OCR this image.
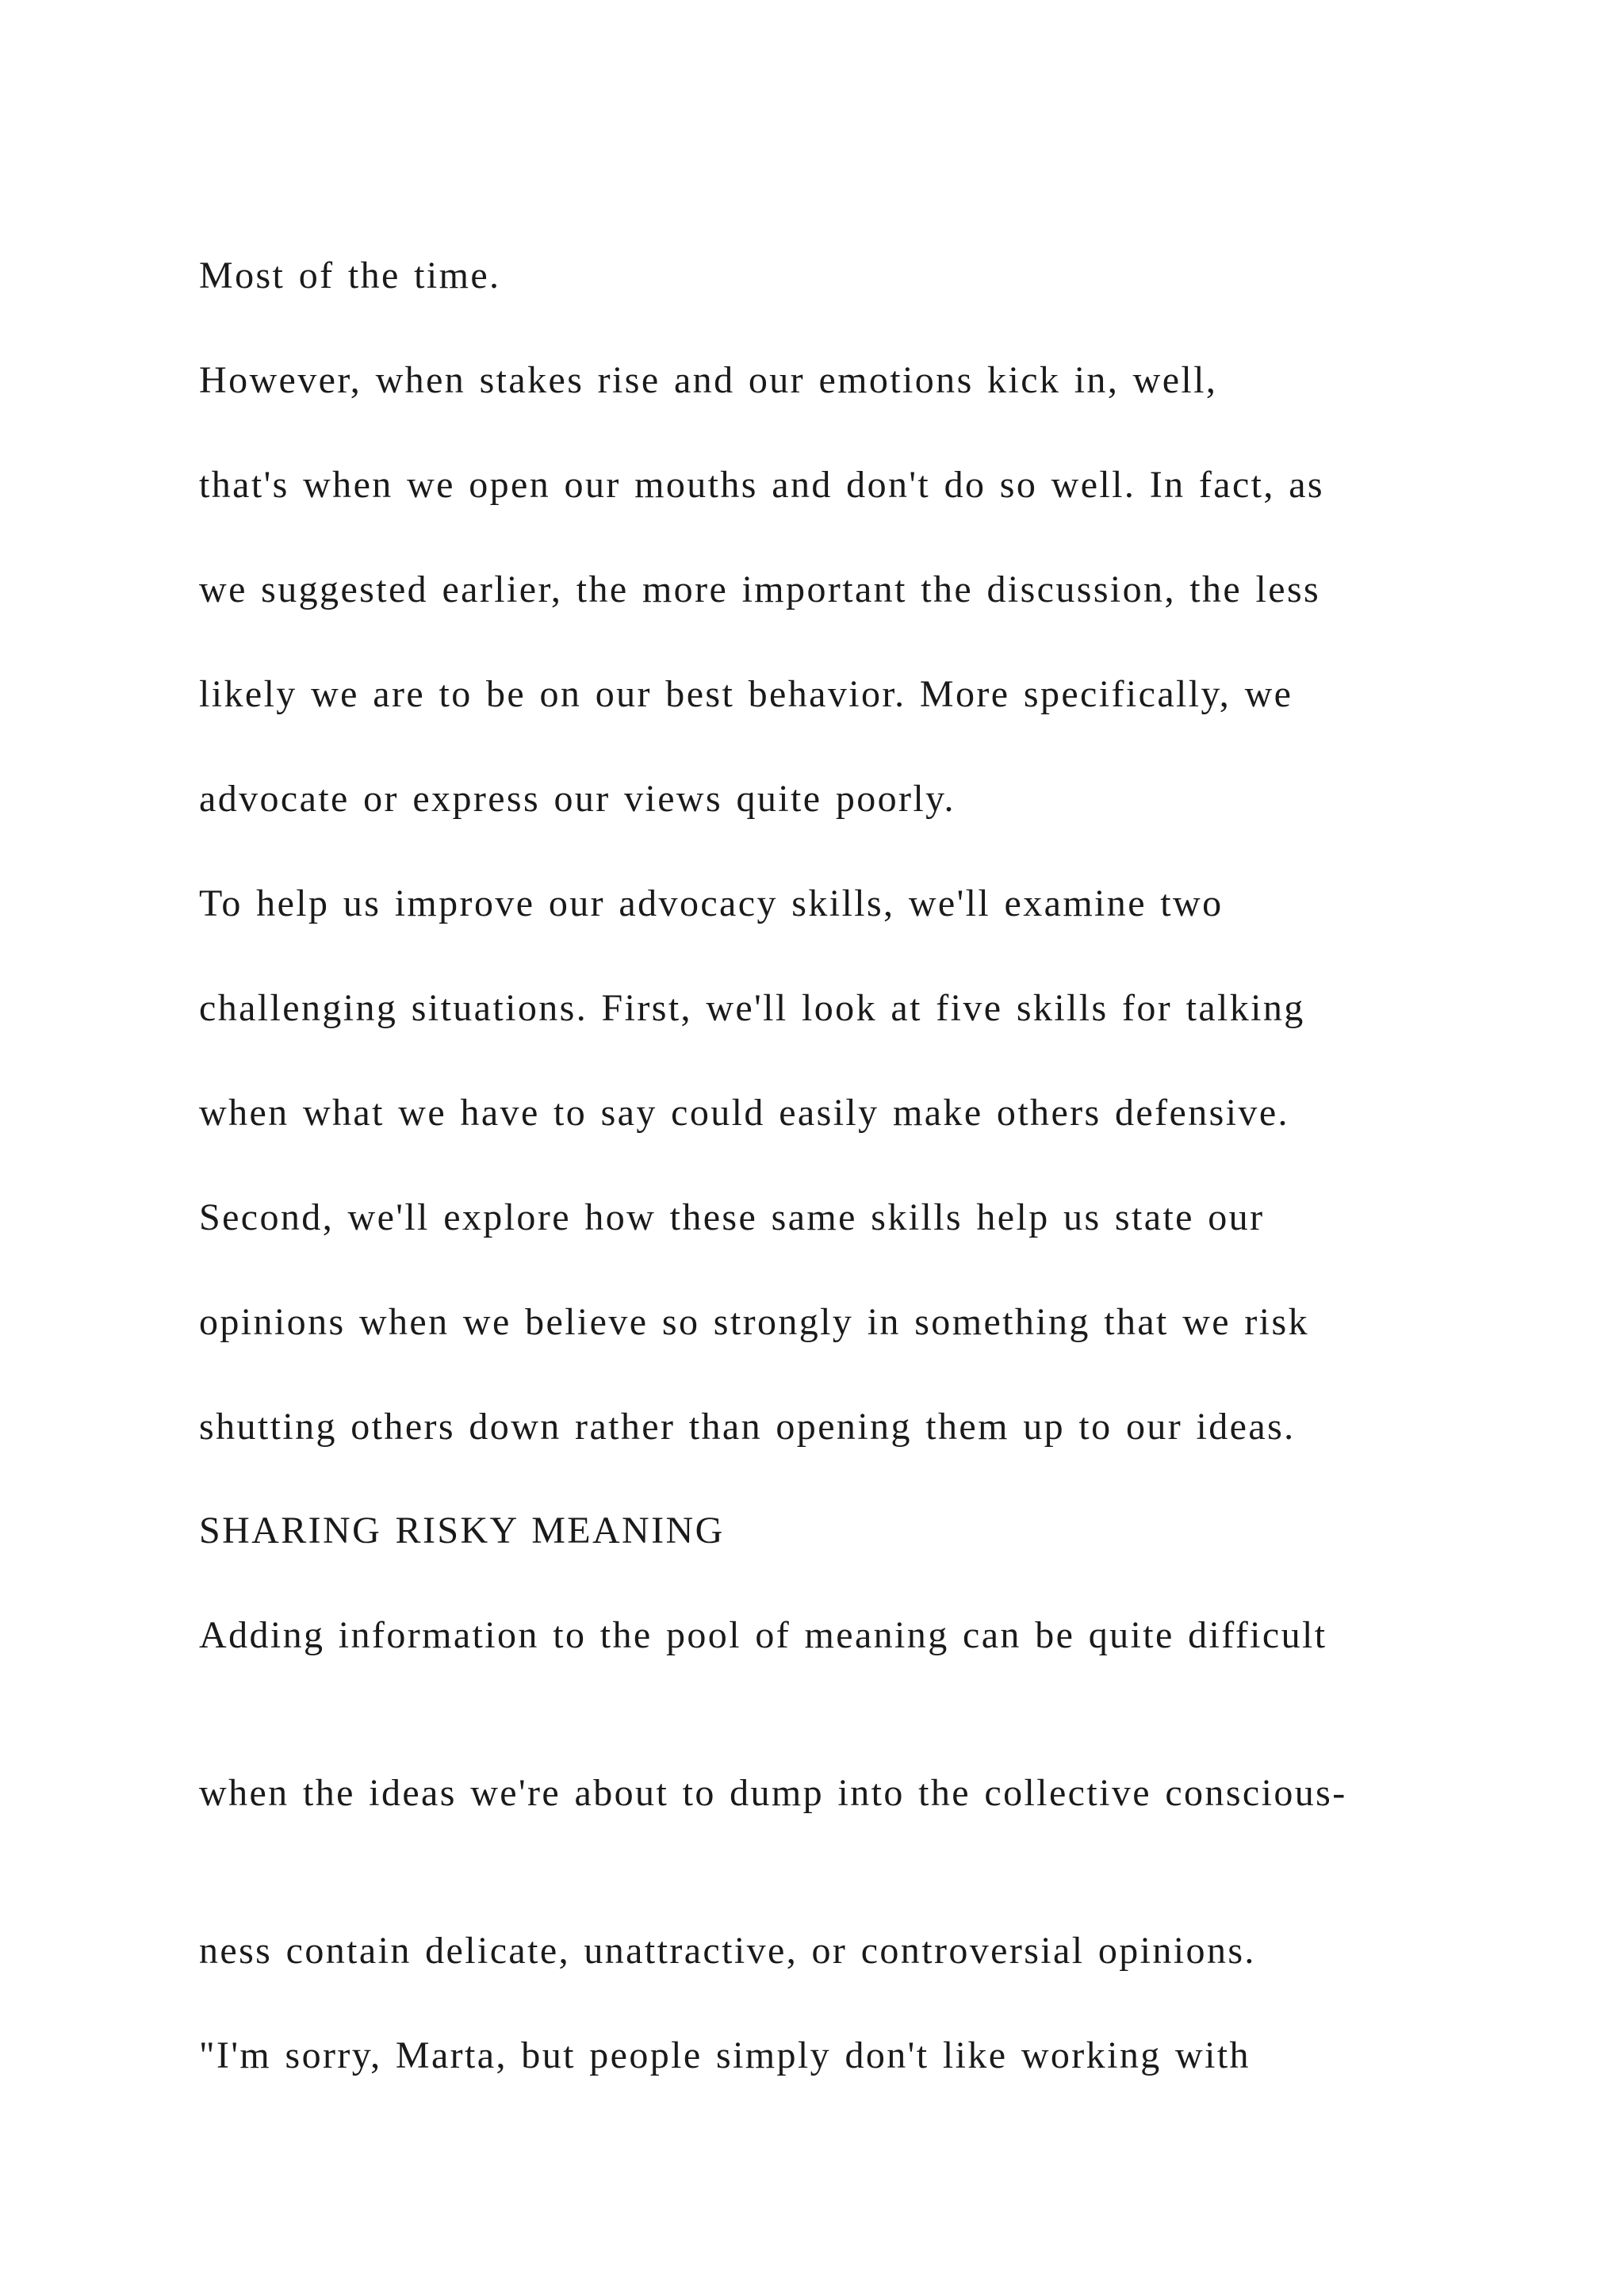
Most of the time.

However, when stakes rise and our emotions kick in, well,

that's when we open our mouths and don't do so well. In fact, as

we suggested earlier, the more important the discussion, the less

likely we are to be on our best behavior. More specifically, we

advocate or express our views quite poorly.

To help us improve our advocacy skills, we'll examine two

challenging situations. First, we'll look at five skills for talking

when what we have to say could easily make others defensive.

Second, we'll explore how these same skills help us state our

opinions when we believe so strongly in something that we risk

shutting others down rather than opening them up to our ideas.

SHARING RISKY MEANING

Adding information to the pool of meaning can be quite difficult

when the ideas we're about to dump into the collective conscious-

ness contain delicate, unattractive, or controversial opinions.

"I'm sorry, Marta, but people simply don't like working with
